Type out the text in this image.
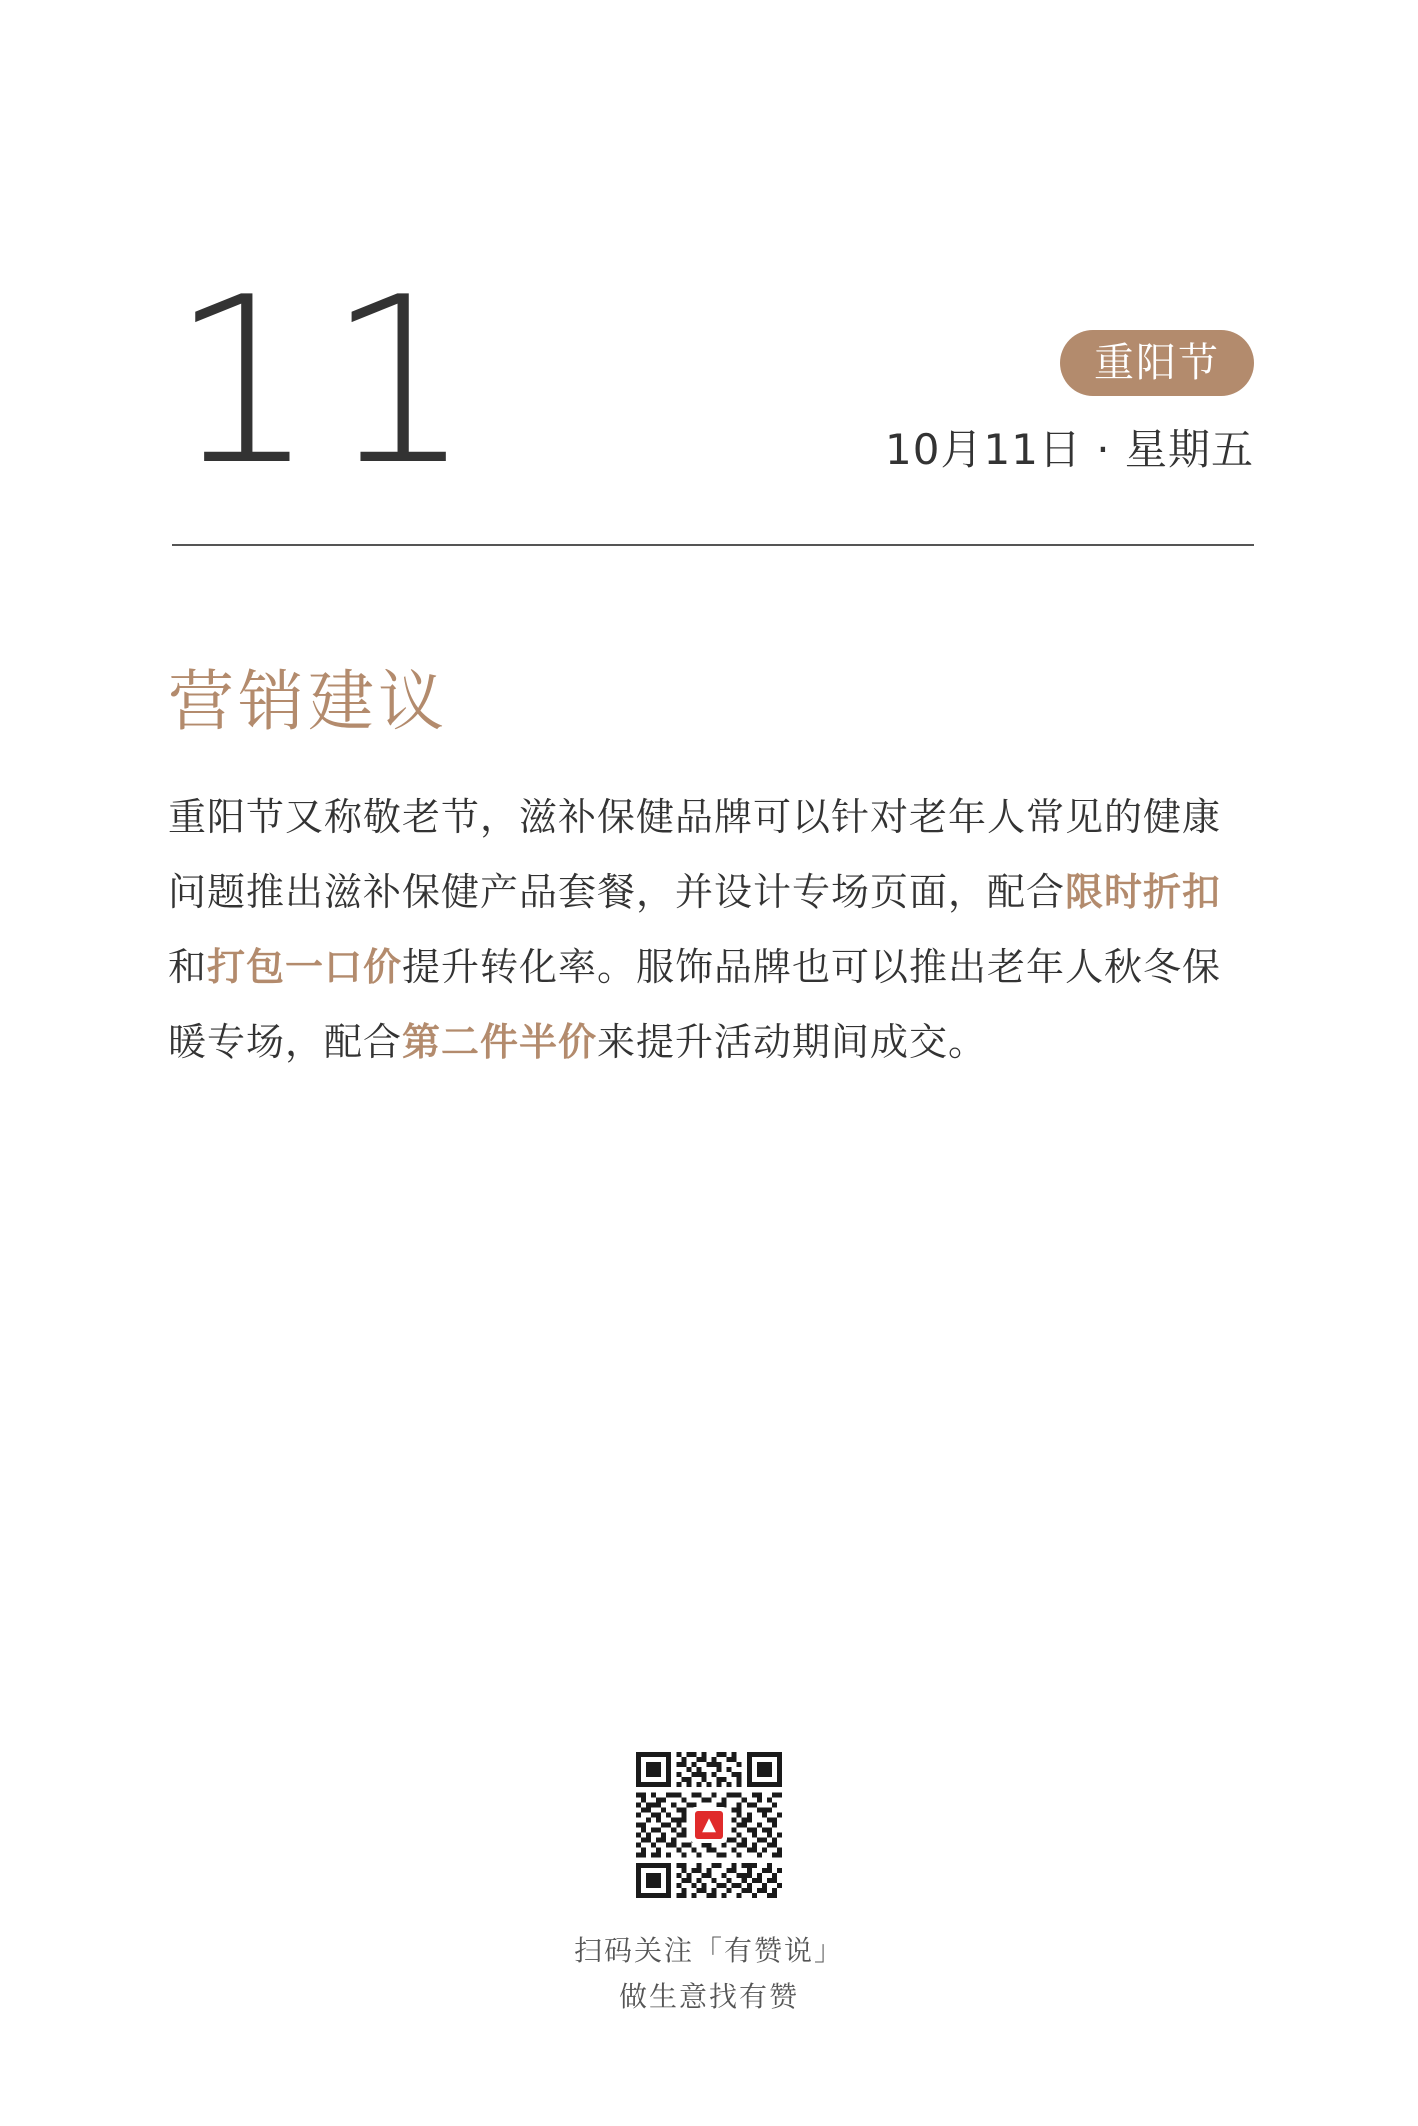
11	重阳节
10月11日 · 星期五
营销建议
重阳节又称敬老节，滋补保健品牌可以针对老年人常见的健康问题推出滋补保健产品套餐，并设计专场页面，配合限时折扣和打包一口价提升转化率。服饰品牌也可以推出老年人秋冬保暖专场，配合第二件半价来提升活动期间成交。
▲
扫码关注「有赞说」
做生意找有赞
